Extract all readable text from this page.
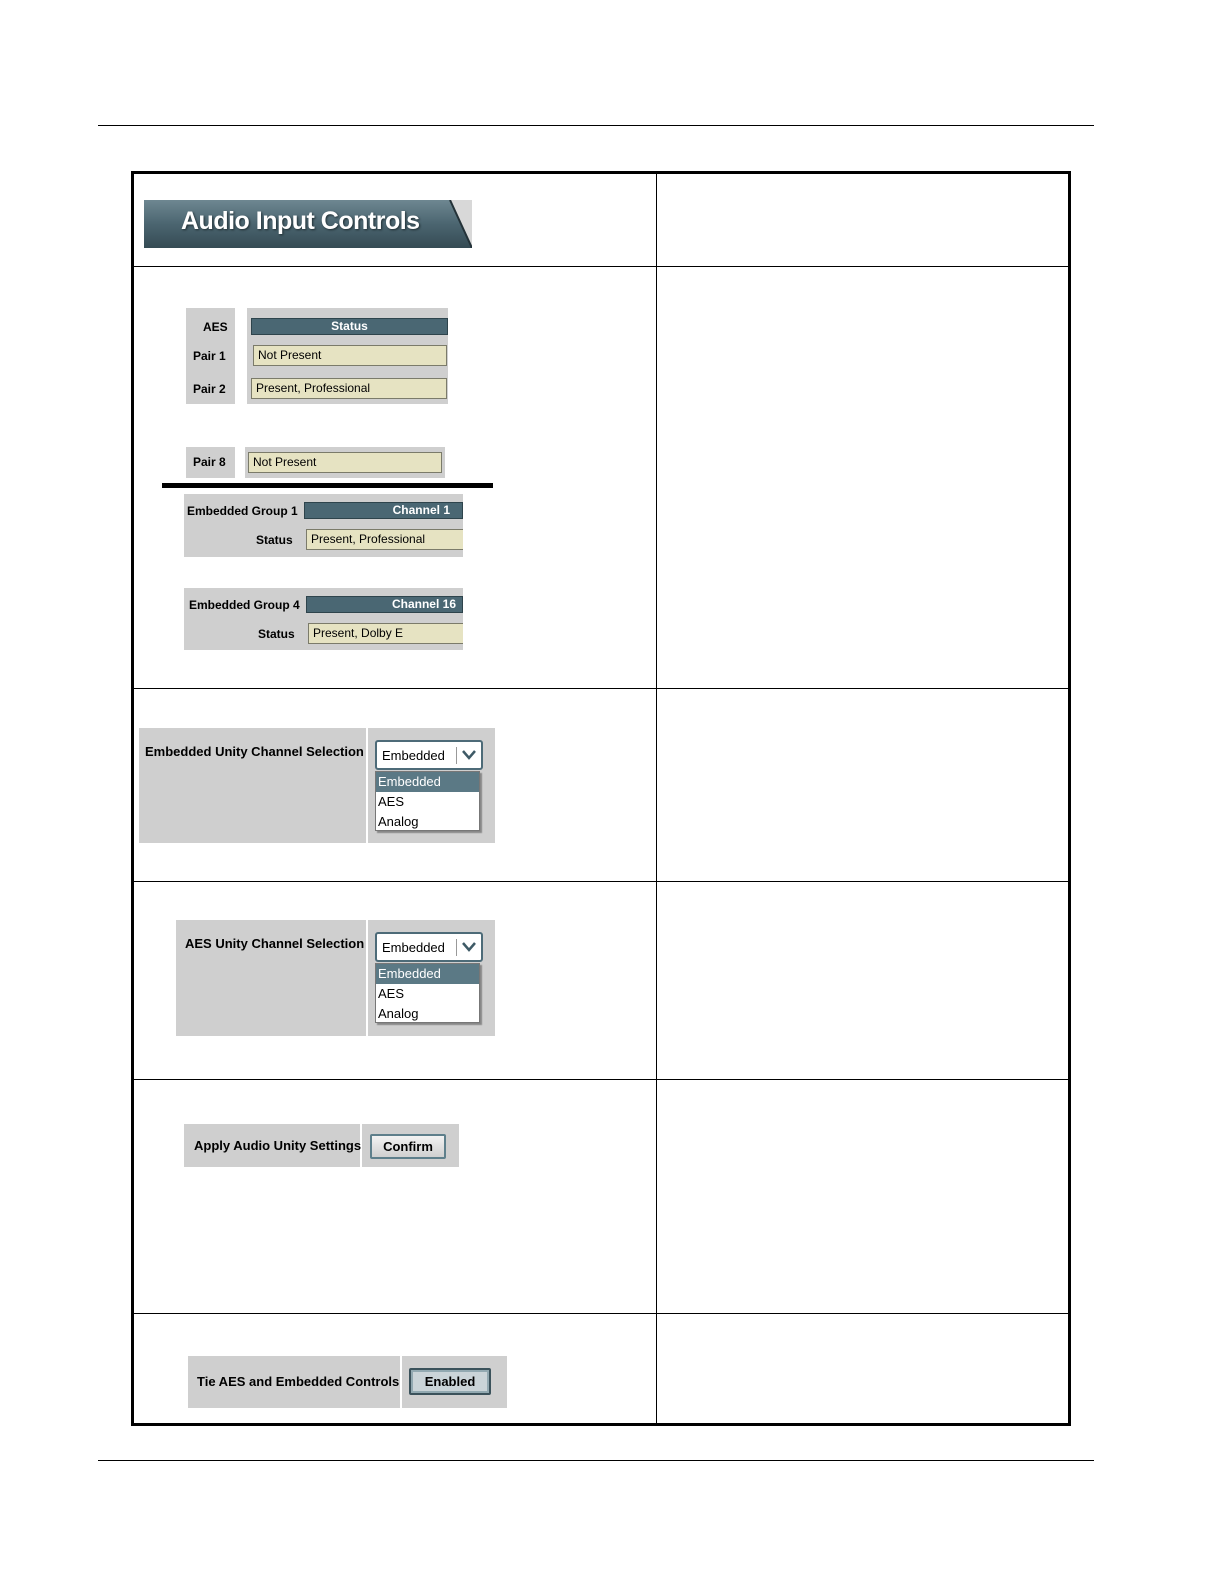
Audio Input Controls
AES	Status
Pair 1	Not Present
Pair 2	Present, Professional
Pair 8	Not Present
Embedded Group 1	Channel 1
Status	Present, Professional
Embedded Group 4	Channel 16
Status	Present, Dolby E
Embedded Unity Channel Selection Embedded
Embedded
AES
Analog
AES Unity Channel Selection Embedded
Embedded
AES
Analog
Apply Audio Unity Settings	Confirm
Tie AES and Embedded Controls	Enabled
